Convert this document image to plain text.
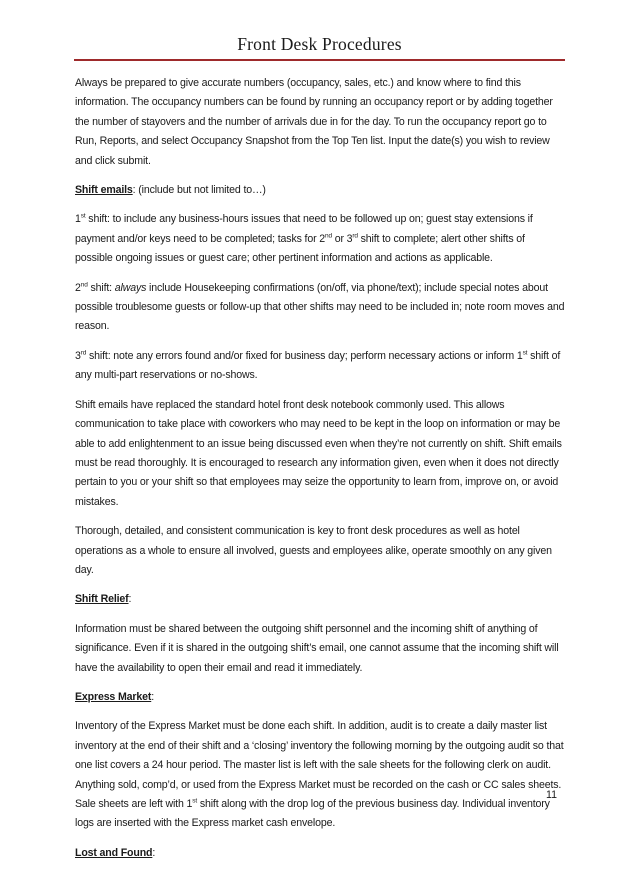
Front Desk Procedures

Always be prepared to give accurate numbers (occupancy, sales, etc.) and know where to find this information. The occupancy numbers can be found by running an occupancy report or by adding together the number of stayovers and the number of arrivals due in for the day. To run the occupancy report go to Run, Reports, and select Occupancy Snapshot from the Top Ten list. Input the date(s) you wish to review and click submit.

Shift emails: (include but not limited to…)

1st shift: to include any business-hours issues that need to be followed up on; guest stay extensions if payment and/or keys need to be completed; tasks for 2nd or 3rd shift to complete; alert other shifts of possible ongoing issues or guest care; other pertinent information and actions as applicable.

2nd shift: always include Housekeeping confirmations (on/off, via phone/text); include special notes about possible troublesome guests or follow-up that other shifts may need to be included in; note room moves and reason.

3rd shift: note any errors found and/or fixed for business day; perform necessary actions or inform 1st shift of any multi-part reservations or no-shows.

Shift emails have replaced the standard hotel front desk notebook commonly used. This allows communication to take place with coworkers who may need to be kept in the loop on information or may be able to add enlightenment to an issue being discussed even when they’re not currently on shift. Shift emails must be read thoroughly. It is encouraged to research any information given, even when it does not directly pertain to you or your shift so that employees may seize the opportunity to learn from, improve on, or avoid mistakes.

Thorough, detailed, and consistent communication is key to front desk procedures as well as hotel operations as a whole to ensure all involved, guests and employees alike, operate smoothly on any given day.

Shift Relief:

Information must be shared between the outgoing shift personnel and the incoming shift of anything of significance. Even if it is shared in the outgoing shift’s email, one cannot assume that the incoming shift will have the availability to open their email and read it immediately.

Express Market:

Inventory of the Express Market must be done each shift. In addition, audit is to create a daily master list inventory at the end of their shift and a ‘closing’ inventory the following morning by the outgoing audit so that one list covers a 24 hour period. The master list is left with the sale sheets for the following clerk on audit. Anything sold, comp’d, or used from the Express Market must be recorded on the cash or CC sales sheets. Sale sheets are left with 1st shift along with the drop log of the previous business day. Individual inventory logs are inserted with the Express market cash envelope.

Lost and Found:

11
